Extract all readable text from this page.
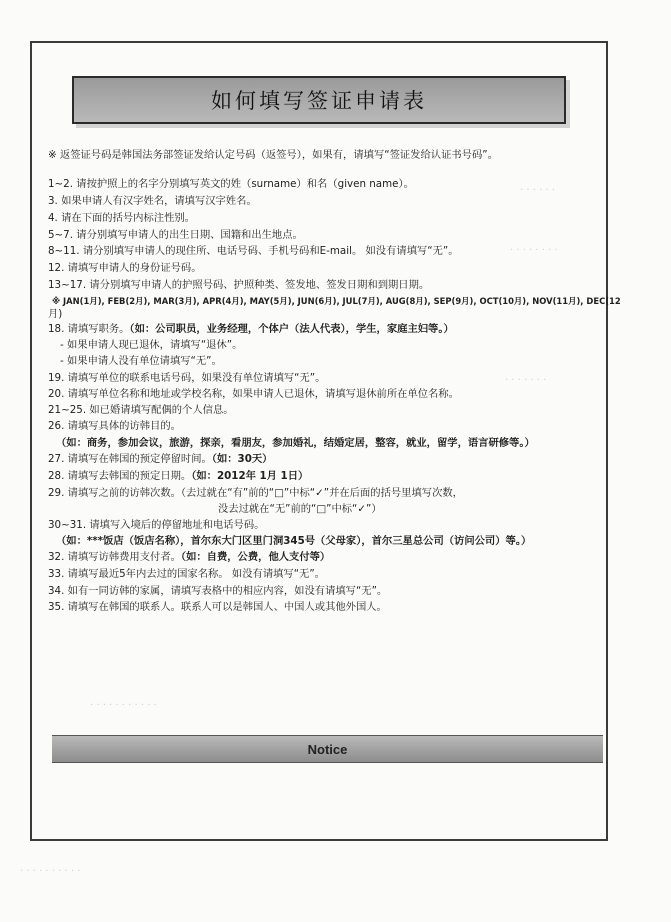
· · · · · ·
· · · · · · · ·
· · · · · · ·
· · · · · · · · · · ·
· · · · · · · · · ·
如何填写签证申请表
※ 返签证号码是韩国法务部签证发给认定号码（返签号），如果有，请填写“签证发给认证书号码”。
1~2. 请按护照上的名字分别填写英文的姓（surname）和名（given name）。
3. 如果申请人有汉字姓名，请填写汉字姓名。
4. 请在下面的括号内标注性别。
5~7. 请分别填写申请人的出生日期、国籍和出生地点。
8~11. 请分别填写申请人的现住所、电话号码、手机号码和E-mail。 如没有请填写“无”。
12. 请填写申请人的身份证号码。
13~17. 请分别填写申请人的护照号码、护照种类、签发地、签发日期和到期日期。
※ JAN(1月), FEB(2月), MAR(3月), APR(4月), MAY(5月), JUN(6月), JUL(7月), AUG(8月), SEP(9月), OCT(10月), NOV(11月), DEC(12
月)
18. 请填写职务。（如：公司职员，业务经理，个体户（法人代表），学生，家庭主妇等。）
- 如果申请人现已退休，请填写“退休”。
- 如果申请人没有单位请填写“无”。
19. 请填写单位的联系电话号码，如果没有单位请填写“无”。
20. 请填写单位名称和地址或学校名称，如果申请人已退休，请填写退休前所在单位名称。
21~25. 如已婚请填写配偶的个人信息。
26. 请填写具体的访韩目的。
（如：商务，参加会议，旅游，探亲，看朋友，参加婚礼，结婚定居，整容，就业，留学，语言研修等。）
27. 请填写在韩国的预定停留时间。（如：30天）
28. 请填写去韩国的预定日期。（如：2012年 1月 1日）
29. 请填写之前的访韩次数。（去过就在“有”前的“□”中标“✓”并在后面的括号里填写次数，
没去过就在“无”前的“□”中标“✓”）
30~31. 请填写入境后的停留地址和电话号码。
（如：***饭店（饭店名称），首尔东大门区里门洞345号（父母家），首尔三星总公司（访问公司）等。）
32. 请填写访韩费用支付者。（如：自费，公费，他人支付等）
33. 请填写最近5年内去过的国家名称。 如没有请填写“无”。
34. 如有一同访韩的家属，请填写表格中的相应内容，如没有请填写“无”。
35. 请填写在韩国的联系人。联系人可以是韩国人、中国人或其他外国人。
Notice
